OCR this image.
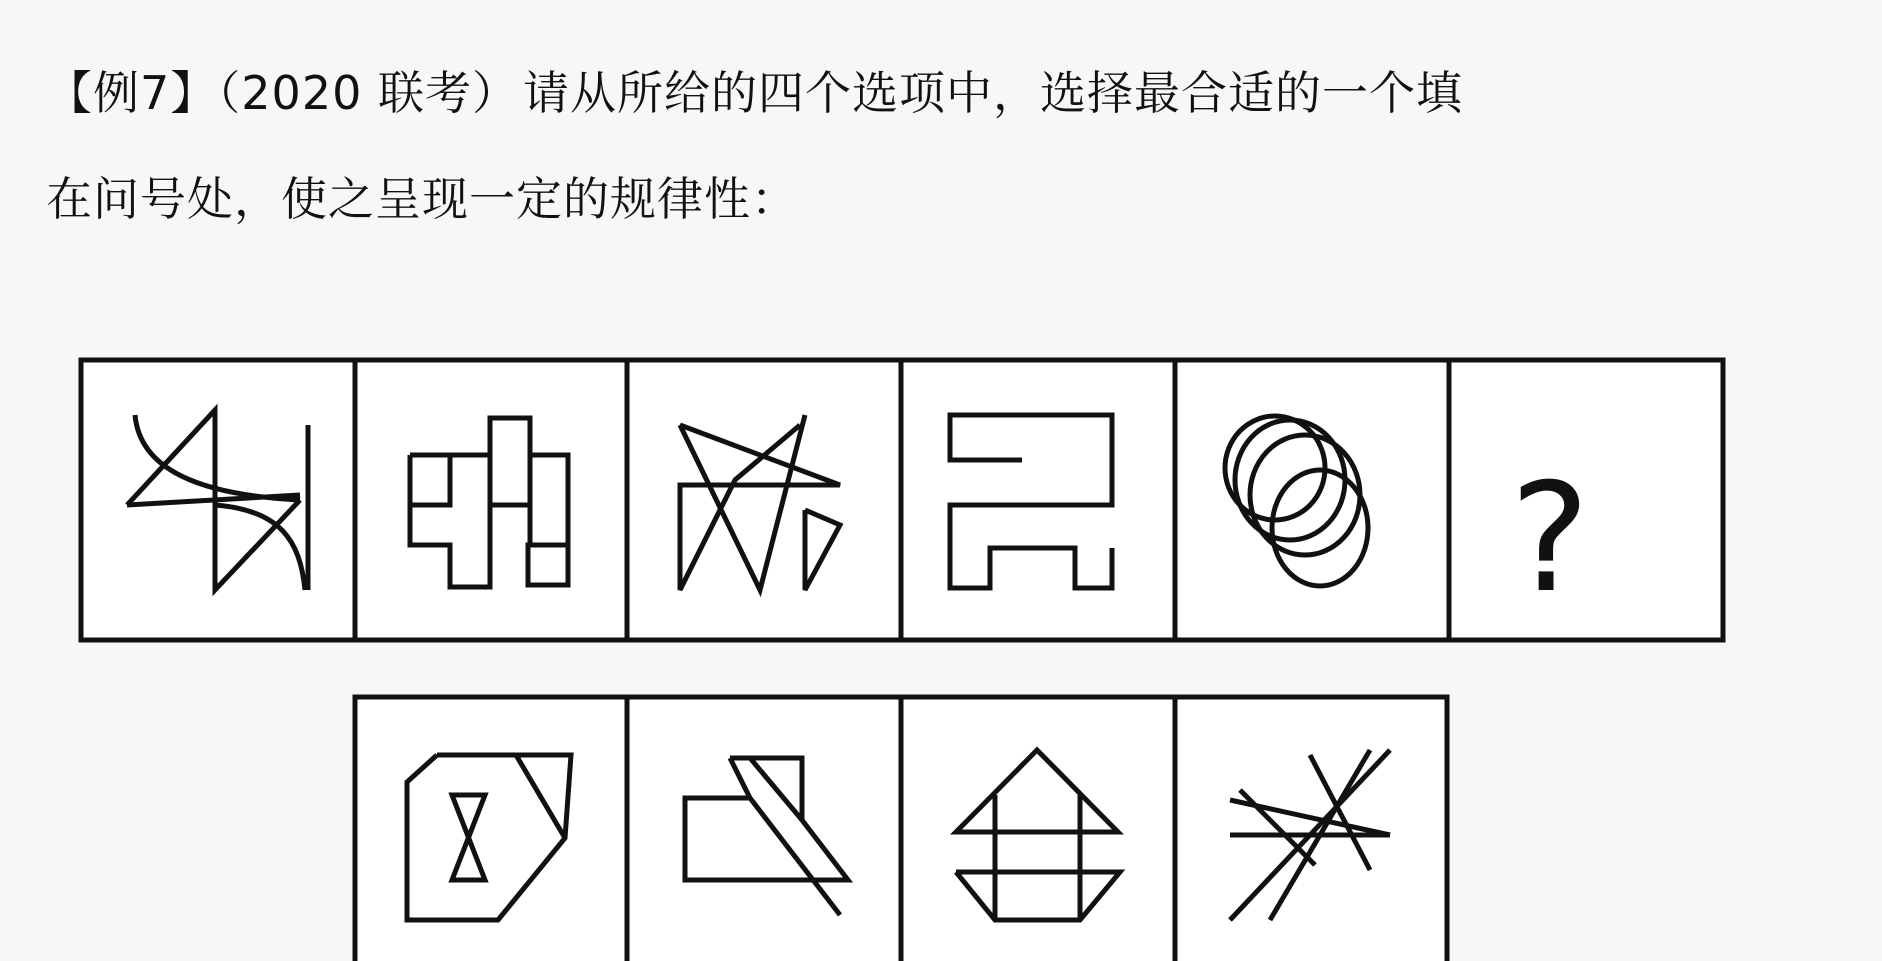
【例7】（2020 联考）请从所给的四个选项中，选择最合适的一个填
在问号处，使之呈现一定的规律性：
?
